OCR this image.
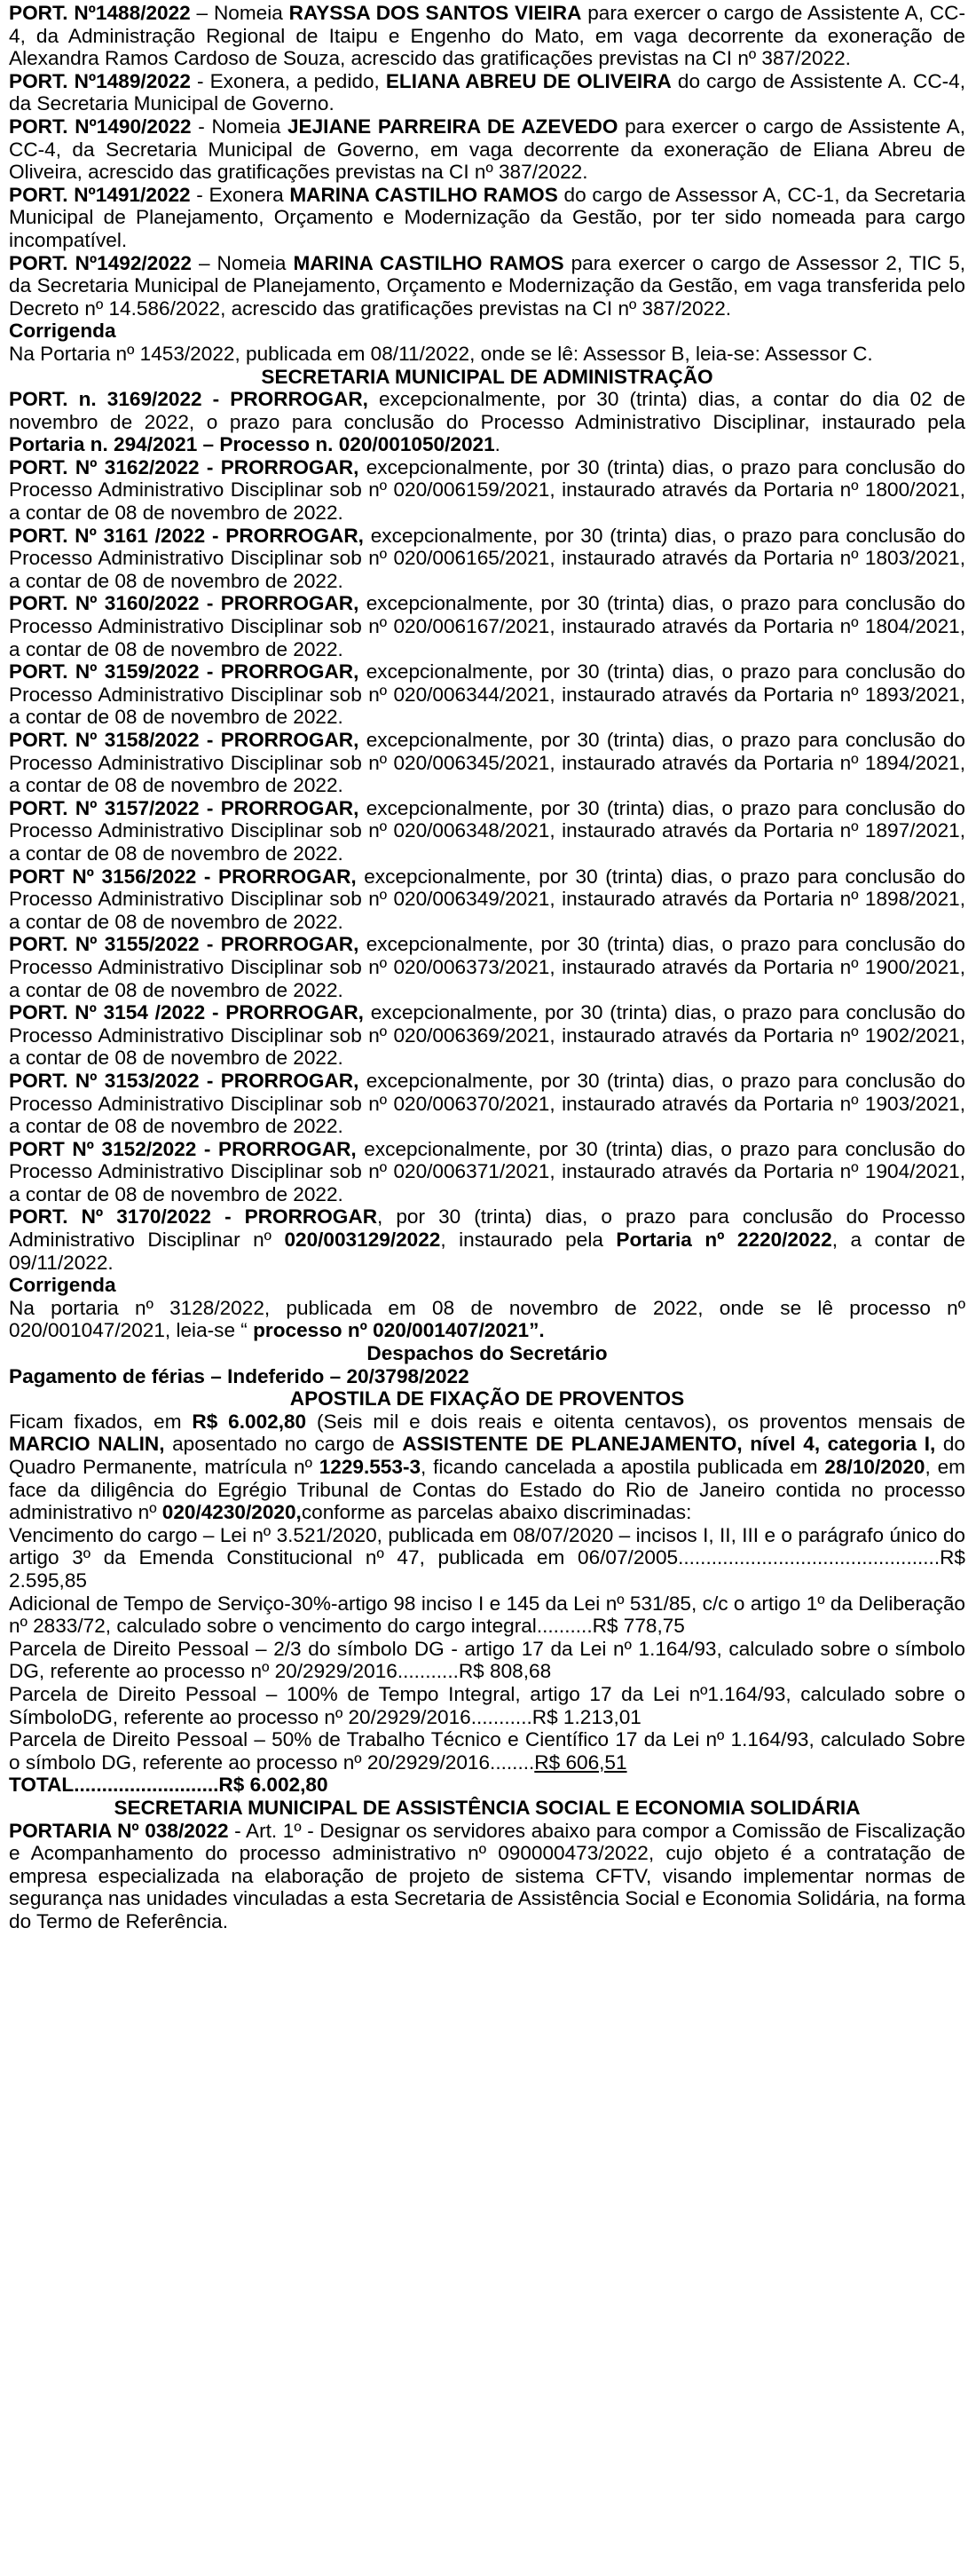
PORT. Nº1488/2022 – Nomeia RAYSSA DOS SANTOS VIEIRA para exercer o cargo de Assistente A, CC-4, da Administração Regional de Itaipu e Engenho do Mato, em vaga decorrente da exoneração de Alexandra Ramos Cardoso de Souza, acrescido das gratificações previstas na CI nº 387/2022.

PORT. Nº1489/2022 - Exonera, a pedido, ELIANA ABREU DE OLIVEIRA do cargo de Assistente A. CC-4, da Secretaria Municipal de Governo.

PORT. Nº1490/2022 - Nomeia JEJIANE PARREIRA DE AZEVEDO para exercer o cargo de Assistente A, CC-4, da Secretaria Municipal de Governo, em vaga decorrente da exoneração de Eliana Abreu de Oliveira, acrescido das gratificações previstas na CI nº 387/2022.

PORT. Nº1491/2022 - Exonera MARINA CASTILHO RAMOS do cargo de Assessor A, CC-1, da Secretaria Municipal de Planejamento, Orçamento e Modernização da Gestão, por ter sido nomeada para cargo incompatível.

PORT. Nº1492/2022 – Nomeia MARINA CASTILHO RAMOS para exercer o cargo de Assessor 2, TIC 5, da Secretaria Municipal de Planejamento, Orçamento e Modernização da Gestão, em vaga transferida pelo Decreto nº 14.586/2022, acrescido das gratificações previstas na CI nº 387/2022.

Corrigenda

Na Portaria nº 1453/2022, publicada em 08/11/2022, onde se lê: Assessor B, leia-se: Assessor C.

SECRETARIA MUNICIPAL DE ADMINISTRAÇÃO

PORT. n. 3169/2022 - PRORROGAR, excepcionalmente, por 30 (trinta) dias, a contar do dia 02 de novembro de 2022, o prazo para conclusão do Processo Administrativo Disciplinar, instaurado pela Portaria n. 294/2021 – Processo n. 020/001050/2021.

PORT. Nº 3162/2022 - PRORROGAR, excepcionalmente, por 30 (trinta) dias, o prazo para conclusão do Processo Administrativo Disciplinar sob nº 020/006159/2021, instaurado através da Portaria nº 1800/2021, a contar de 08 de novembro de 2022.

PORT. Nº 3161 /2022 - PRORROGAR, excepcionalmente, por 30 (trinta) dias, o prazo para conclusão do Processo Administrativo Disciplinar sob nº 020/006165/2021, instaurado através da Portaria nº 1803/2021, a contar de 08 de novembro de 2022.

PORT. Nº 3160/2022 - PRORROGAR, excepcionalmente, por 30 (trinta) dias, o prazo para conclusão do Processo Administrativo Disciplinar sob nº 020/006167/2021, instaurado através da Portaria nº 1804/2021, a contar de 08 de novembro de 2022.

PORT. Nº 3159/2022 - PRORROGAR, excepcionalmente, por 30 (trinta) dias, o prazo para conclusão do Processo Administrativo Disciplinar sob nº 020/006344/2021, instaurado através da Portaria nº 1893/2021, a contar de 08 de novembro de 2022.

PORT. Nº 3158/2022 - PRORROGAR, excepcionalmente, por 30 (trinta) dias, o prazo para conclusão do Processo Administrativo Disciplinar sob nº 020/006345/2021, instaurado através da Portaria nº 1894/2021, a contar de 08 de novembro de 2022.

PORT. Nº 3157/2022 - PRORROGAR, excepcionalmente, por 30 (trinta) dias, o prazo para conclusão do Processo Administrativo Disciplinar sob nº 020/006348/2021, instaurado através da Portaria nº 1897/2021, a contar de 08 de novembro de 2022.

PORT Nº 3156/2022 - PRORROGAR, excepcionalmente, por 30 (trinta) dias, o prazo para conclusão do Processo Administrativo Disciplinar sob nº 020/006349/2021, instaurado através da Portaria nº 1898/2021, a contar de 08 de novembro de 2022.

PORT. Nº 3155/2022 - PRORROGAR, excepcionalmente, por 30 (trinta) dias, o prazo para conclusão do Processo Administrativo Disciplinar sob nº 020/006373/2021, instaurado através da Portaria nº 1900/2021, a contar de 08 de novembro de 2022.

PORT. Nº 3154 /2022 - PRORROGAR, excepcionalmente, por 30 (trinta) dias, o prazo para conclusão do Processo Administrativo Disciplinar sob nº 020/006369/2021, instaurado através da Portaria nº 1902/2021, a contar de 08 de novembro de 2022.

PORT. Nº 3153/2022 - PRORROGAR, excepcionalmente, por 30 (trinta) dias, o prazo para conclusão do Processo Administrativo Disciplinar sob nº 020/006370/2021, instaurado através da Portaria nº 1903/2021, a contar de 08 de novembro de 2022.

PORT Nº 3152/2022 - PRORROGAR, excepcionalmente, por 30 (trinta) dias, o prazo para conclusão do Processo Administrativo Disciplinar sob nº 020/006371/2021, instaurado através da Portaria nº 1904/2021, a contar de 08 de novembro de 2022.

PORT. Nº 3170/2022 - PRORROGAR, por 30 (trinta) dias, o prazo para conclusão do Processo Administrativo Disciplinar nº 020/003129/2022, instaurado pela Portaria nº 2220/2022, a contar de 09/11/2022.

Corrigenda

Na portaria nº 3128/2022, publicada em 08 de novembro de 2022, onde se lê processo nº 020/001047/2021, leia-se “ processo nº 020/001407/2021”.

Despachos do Secretário

Pagamento de férias – Indeferido – 20/3798/2022

APOSTILA DE FIXAÇÃO DE PROVENTOS

Ficam fixados, em R$ 6.002,80 (Seis mil e dois reais e oitenta centavos), os proventos mensais de MARCIO NALIN, aposentado no cargo de ASSISTENTE DE PLANEJAMENTO, nível 4, categoria I, do Quadro Permanente, matrícula nº 1229.553-3, ficando cancelada a apostila publicada em 28/10/2020, em face da diligência do Egrégio Tribunal de Contas do Estado do Rio de Janeiro contida no processo administrativo nº 020/4230/2020,conforme as parcelas abaixo discriminadas:

Vencimento do cargo – Lei nº 3.521/2020, publicada em 08/07/2020 – incisos I, II, III e o parágrafo único do artigo 3º da Emenda Constitucional nº 47, publicada em 06/07/2005...............................................R$ 2.595,85

Adicional de Tempo de Serviço-30%-artigo 98 inciso I e 145 da Lei nº 531/85, c/c o artigo 1º da Deliberação nº 2833/72, calculado sobre o vencimento do cargo integral..........R$ 778,75

Parcela de Direito Pessoal – 2/3 do símbolo DG - artigo 17 da Lei nº 1.164/93, calculado sobre o símbolo DG, referente ao processo nº 20/2929/2016...........R$ 808,68

Parcela de Direito Pessoal – 100% de Tempo Integral, artigo 17 da Lei nº1.164/93, calculado sobre o SímboloDG, referente ao processo nº 20/2929/2016...........R$ 1.213,01

Parcela de Direito Pessoal – 50% de Trabalho Técnico e Científico 17 da Lei nº 1.164/93, calculado Sobre o símbolo DG, referente ao processo nº 20/2929/2016........R$ 606,51

TOTAL..........................R$ 6.002,80

SECRETARIA MUNICIPAL DE ASSISTÊNCIA SOCIAL E ECONOMIA SOLIDÁRIA

PORTARIA Nº 038/2022 - Art. 1º - Designar os servidores abaixo para compor a Comissão de Fiscalização e Acompanhamento do processo administrativo nº 090000473/2022, cujo objeto é a contratação de empresa especializada na elaboração de projeto de sistema CFTV, visando implementar normas de segurança nas unidades vinculadas a esta Secretaria de Assistência Social e Economia Solidária, na forma do Termo de Referência.
